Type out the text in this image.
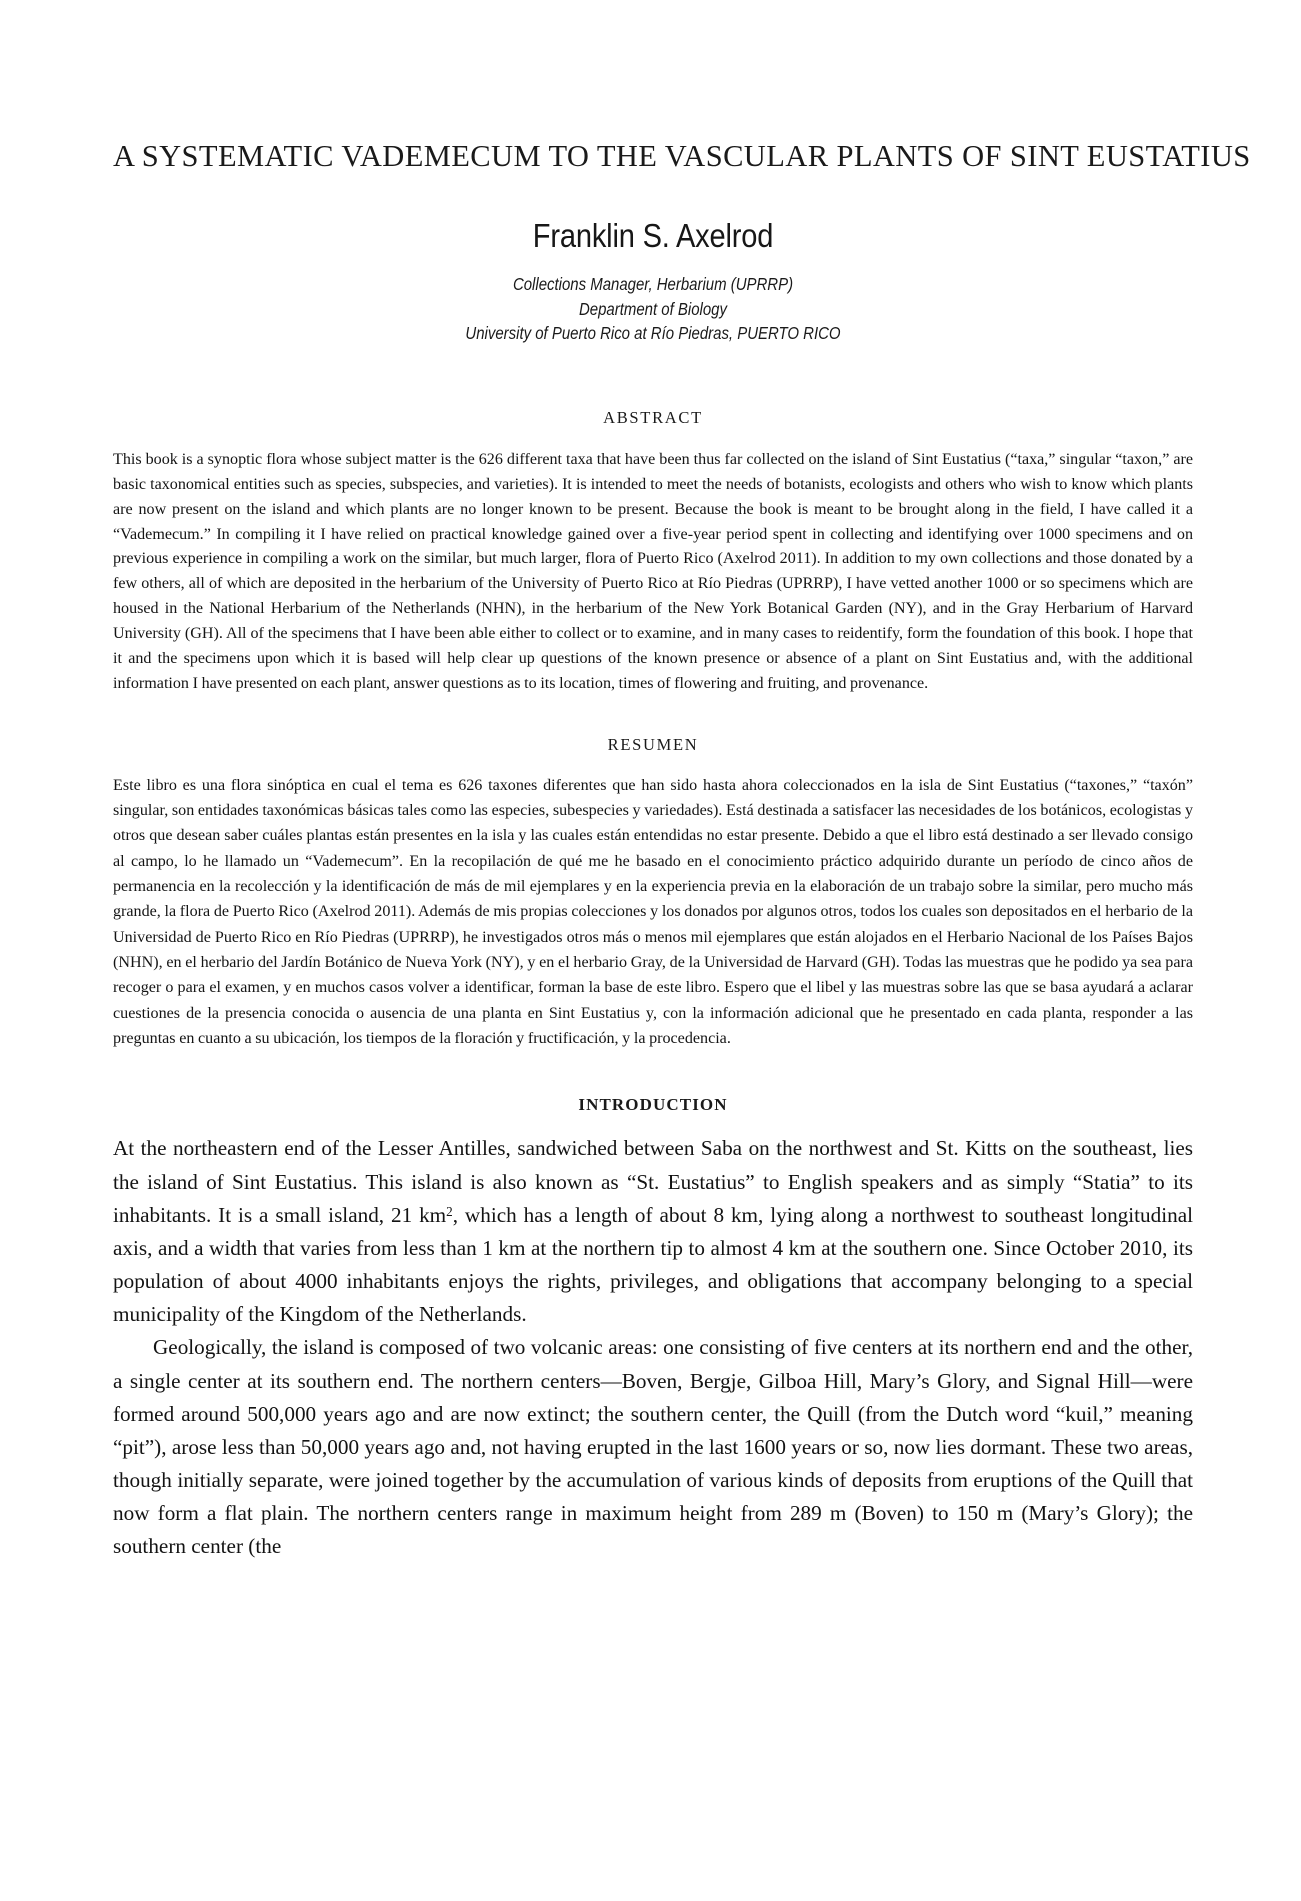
A SYSTEMATIC VADEMECUM TO THE VASCULAR PLANTS OF SINT EUSTATIUS
Franklin S. Axelrod
Collections Manager, Herbarium (UPRRP)
Department of Biology
University of Puerto Rico at Río Piedras, PUERTO RICO
ABSTRACT

This book is a synoptic flora whose subject matter is the 626 different taxa that have been thus far collected on the island of Sint Eustatius (“taxa,” singular “taxon,” are basic taxonomical entities such as species, subspecies, and varieties). It is intended to meet the needs of botanists, ecologists and others who wish to know which plants are now present on the island and which plants are no longer known to be present. Because the book is meant to be brought along in the field, I have called it a “Vademecum.” In compiling it I have relied on practical knowledge gained over a five-year period spent in collecting and identifying over 1000 specimens and on previous experience in compiling a work on the similar, but much larger, flora of Puerto Rico (Axelrod 2011). In addition to my own collections and those donated by a few others, all of which are deposited in the herbarium of the University of Puerto Rico at Río Piedras (UPRRP), I have vetted another 1000 or so specimens which are housed in the National Herbarium of the Netherlands (NHN), in the herbarium of the New York Botanical Garden (NY), and in the Gray Herbarium of Harvard University (GH). All of the specimens that I have been able either to collect or to examine, and in many cases to reidentify, form the foundation of this book. I hope that it and the specimens upon which it is based will help clear up questions of the known presence or absence of a plant on Sint Eustatius and, with the additional information I have presented on each plant, answer questions as to its location, times of flowering and fruiting, and provenance.

RESUMEN

Este libro es una flora sinóptica en cual el tema es 626 taxones diferentes que han sido hasta ahora coleccionados en la isla de Sint Eustatius (“taxones,” “taxón” singular, son entidades taxonómicas básicas tales como las especies, subespecies y variedades). Está destinada a satisfacer las necesidades de los botánicos, ecologistas y otros que desean saber cuáles plantas están presentes en la isla y las cuales están entendidas no estar presente. Debido a que el libro está destinado a ser llevado consigo al campo, lo he llamado un “Vademecum”. En la recopilación de qué me he basado en el conocimiento práctico adquirido durante un período de cinco años de permanencia en la recolección y la identificación de más de mil ejemplares y en la experiencia previa en la elaboración de un trabajo sobre la similar, pero mucho más grande, la flora de Puerto Rico (Axelrod 2011). Además de mis propias colecciones y los donados por algunos otros, todos los cuales son depositados en el herbario de la Universidad de Puerto Rico en Río Piedras (UPRRP), he investigados otros más o menos mil ejemplares que están alojados en el Herbario Nacional de los Países Bajos (NHN), en el herbario del Jardín Botánico de Nueva York (NY), y en el herbario Gray, de la Universidad de Harvard (GH). Todas las muestras que he podido ya sea para recoger o para el examen, y en muchos casos volver a identificar, forman la base de este libro. Espero que el libel y las muestras sobre las que se basa ayudará a aclarar cuestiones de la presencia conocida o ausencia de una planta en Sint Eustatius y, con la información adicional que he presentado en cada planta, responder a las preguntas en cuanto a su ubicación, los tiempos de la floración y fructificación, y la procedencia.

INTRODUCTION

At the northeastern end of the Lesser Antilles, sandwiched between Saba on the northwest and St. Kitts on the southeast, lies the island of Sint Eustatius. This island is also known as “St. Eustatius” to English speakers and as simply “Statia” to its inhabitants. It is a small island, 21 $km^2$, which has a length of about 8 km, lying along a northwest to southeast longitudinal axis, and a width that varies from less than 1 km at the northern tip to almost 4 km at the southern one. Since October 2010, its population of about 4000 inhabitants enjoys the rights, privileges, and obligations that accompany belonging to a special municipality of the Kingdom of the Netherlands.

Geologically, the island is composed of two volcanic areas: one consisting of five centers at its northern end and the other, a single center at its southern end. The northern centers—Boven, Bergje, Gilboa Hill, Mary’s Glory, and Signal Hill—were formed around 500,000 years ago and are now extinct; the southern center, the Quill (from the Dutch word “kuil,” meaning “pit”), arose less than 50,000 years ago and, not having erupted in the last 1600 years or so, now lies dormant. These two areas, though initially separate, were joined together by the accumulation of various kinds of deposits from eruptions of the Quill that now form a flat plain. The northern centers range in maximum height from 289 m (Boven) to 150 m (Mary’s Glory); the southern center (the
